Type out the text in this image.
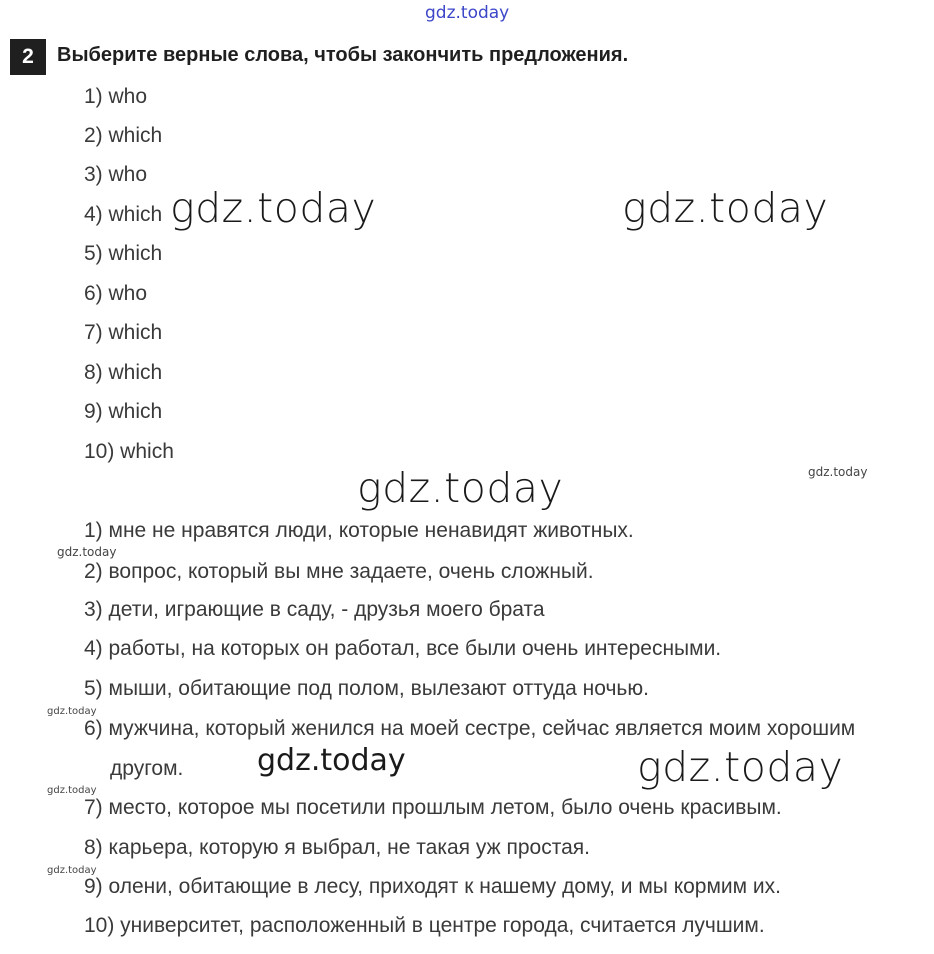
gdz.today
2	Выберите верные слова, чтобы закончить предложения.
1) who
2) which
3) who
4) which
5) which
6) who
7) which
8) which
9) which
10) which
gdz.today	gdz.today
gdz.today	gdz.today
1) мне не нравятся люди, которые ненавидят животных.
gdz.today
2) вопрос, который вы мне задаете, очень сложный.
3) дети, играющие в саду, - друзья моего брата
4) работы, на которых он работал, все были очень интересными.
5) мыши, обитающие под полом, вылезают оттуда ночью.
gdz.today
6) мужчина, который женился на моей сестре, сейчас является моим хорошим
другом. gdz.today	gdz.today
gdz.today
7) место, которое мы посетили прошлым летом, было очень красивым.
8) карьера, которую я выбрал, не такая уж простая.
gdz.today
9) олени, обитающие в лесу, приходят к нашему дому, и мы кормим их.
10) университет, расположенный в центре города, считается лучшим.
